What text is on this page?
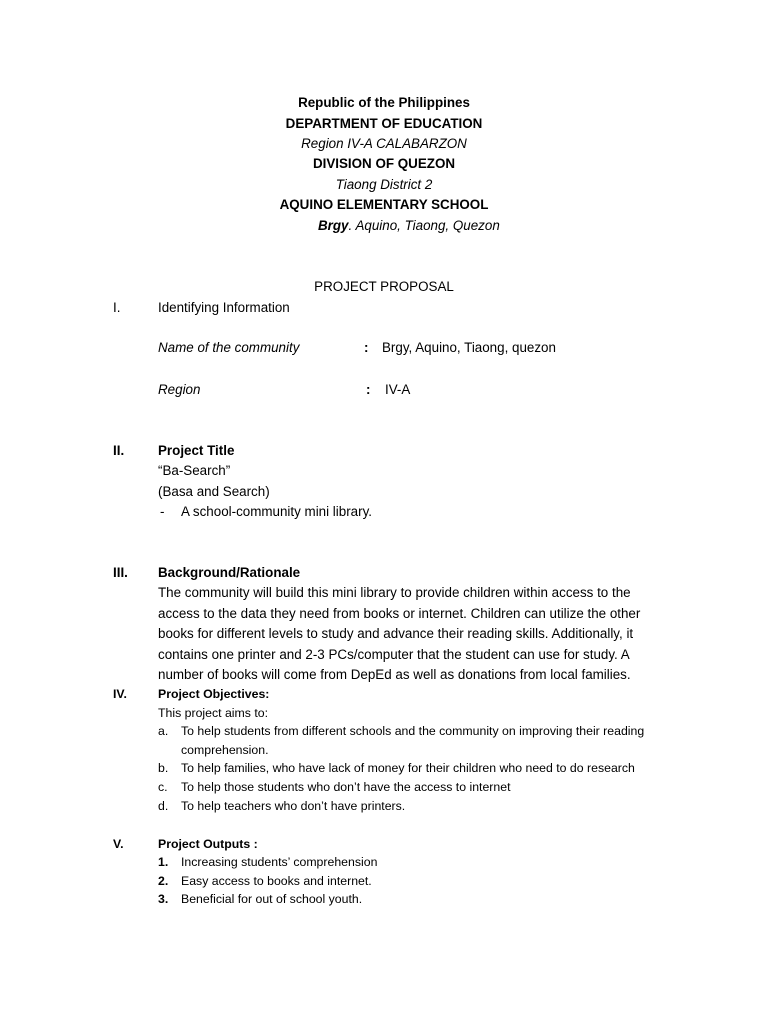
Republic of the Philippines
DEPARTMENT OF EDUCATION
Region IV-A CALABARZON
DIVISION OF QUEZON
Tiaong District 2
AQUINO ELEMENTARY SCHOOL
Brgy. Aquino, Tiaong, Quezon
PROJECT PROPOSAL
I.	Identifying Information
Name of the community	: Brgy, Aquino, Tiaong, quezon
Region	: IV-A
II.	Project Title
“Ba-Search”
(Basa and Search)
- A school-community mini library.
III. Background/Rationale
The community will build this mini library to provide children within access to the
access to the data they need from books or internet. Children can utilize the other
books for different levels to study and advance their reading skills. Additionally, it
contains one printer and 2-3 PCs/computer that the student can use for study. A
number of books will come from DepEd as well as donations from local families.
IV.	Project Objectives:
This project aims to:
a. To help students from different schools and the community on improving their reading
comprehension.
b. To help families, who have lack of money for their children who need to do research
c. To help those students who don’t have the access to internet
d. To help teachers who don’t have printers.
V.	Project Outputs :
1. Increasing students’ comprehension
2. Easy access to books and internet.
3. Beneficial for out of school youth.
